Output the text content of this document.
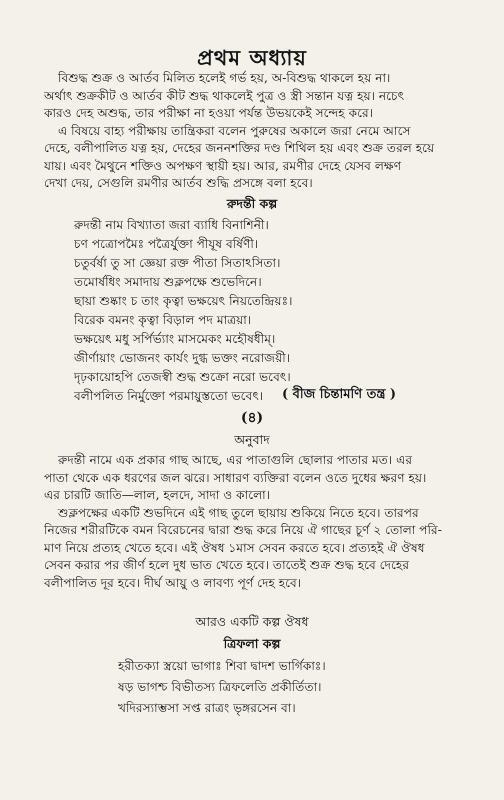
প্রথম অধ্যায়
বিশুদ্ধ শুক্র ও আর্তব মিলিত হলেই গর্ভ হয়, অ-বিশুদ্ধ থাকলে হয় না।
অর্থাৎ শুক্রকীট ও আর্তব কীট শুদ্ধ থাকলেই পুত্র ও স্ত্রী সন্তান যত্ন হয়। নচেৎ
কারও দেহ অশুদ্ধ, তার পরীক্ষা না হওয়া পর্যন্ত উভয়কেই সন্দেহ করে।
এ বিষয়ে বাহ্য পরীক্ষায় তান্ত্রিকরা বলেন পুরুষের অকালে জরা নেমে আসে
দেহে, বলীপালিত যত্ন হয়, দেহের জননশক্তির দণ্ড শিথিল হয় এবং শুক্র তরল হয়ে
যায়। এবং মৈথুনে শক্তিও অপক্ষণ স্থায়ী হয়। আর, রমণীর দেহে যেসব লক্ষণ
দেখা দেয়, সেগুলি রমণীর আর্তব শুদ্ধি প্রসঙ্গে বলা হবে।
রুদন্তী কল্প
রুদন্তী নাম বিখ্যাতা জরা ব্যাধি বিনাশিনী।
চণ পত্রোপমৈঃ পত্রৈর্যুক্তা পীযূষ বর্ষিণী।
চতুর্বর্ষা তু সা জ্ঞেয়া রক্ত পীতা সিতাঽসিতা।
তমোর্ষধিং সমাদায় শুক্লপক্ষে শুভেদিনে।
ছায়া শুষ্কাং চ তাং কৃত্বা ভক্ষয়েৎ নিয়তেন্দ্রিয়ঃ।
বিরেক বমনং কৃত্বা বিড়াল পদ মাত্রয়া।
ভক্ষয়েৎ মধু সর্পির্ভ্যাং মাসমেকং মহৌষধীম্‌।
জীর্ণায়াং ভোজনং কার্যং দুগ্ধ ভক্তং নরোজয়ী।
দৃঢ়কায়োহপি তেজস্বী শুদ্ধ শুক্রো নরো ভবেৎ।
বলীপলিত নির্মুক্তো পরমায়ুস্ততো ভবেৎ।	( বীজ চিন্তামণি তন্ত্র )
(৪)
অনুবাদ
রুদন্তী নামে এক প্রকার গাছ আছে, এর পাতাগুলি ছোলার পাতার মত। এর
পাতা থেকে এক ধরণের জল ঝরে। সাধারণ ব্যক্তিরা বলেন ওতে দুধের ক্ষরণ হয়।
এর চারটি জাতি—লাল, হলদে, সাদা ও কালো।
শুক্লপক্ষের একটি শুভদিনে এই গাছ তুলে ছায়ায় শুকিয়ে নিতে হবে। তারপর
নিজের শরীরটিকে বমন বিরেচনের দ্বারা শুদ্ধ করে নিয়ে ঐ গাছের চূর্ণ ২ তোলা পরি-
মাণ নিয়ে প্রত্যহ খেতে হবে। এই ঔষধ ১মাস সেবন করতে হবে। প্রত্যহই ঐ ঔষধ
সেবন করার পর জীর্ণ হলে দুধ ভাত খেতে হবে। তাতেই শুক্র শুদ্ধ হবে দেহের
বলীপালিত দূর হবে। দীর্ঘ আয়ু ও লাবণ্য পূর্ণ দেহ হবে।
আরও একটি কল্প ঔষধ
ত্রিফলা কল্প
হরীতক্যা স্ত্রয়ো ভাগাঃ শিবা দ্বাদশ ভার্গিকাঃ।
ষড় ভাগশ্চ বিভীতস্য ত্রিফলেতি প্রকীর্তিতা।
খদিরস্যাম্ভসা সপ্ত রাত্রং ভৃঙ্গরসেন বা।
